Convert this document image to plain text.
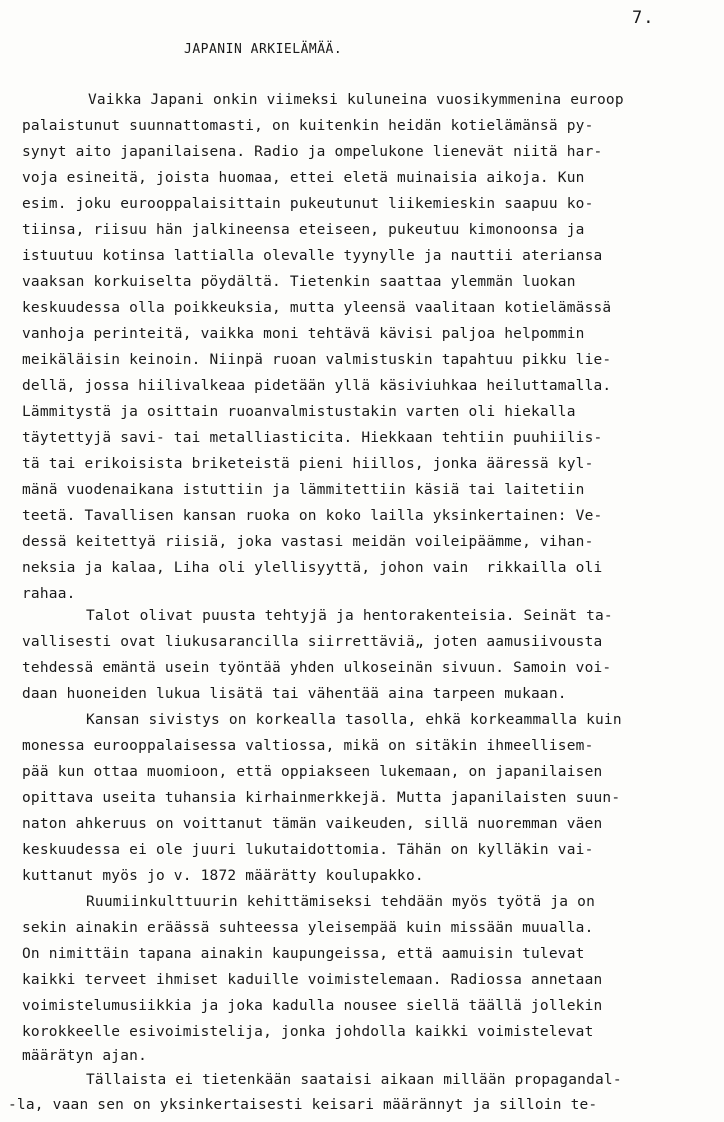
7.
JAPANIN ARKIELÄMÄÄ.
Vaikka Japani onkin viimeksi kuluneina vuosikymmenina euroop
palaistunut suunnattomasti, on kuitenkin heidän kotielämänsä py-
synyt aito japanilaisena. Radio ja ompelukone lienevät niitä har-
voja esineitä, joista huomaa, ettei eletä muinaisia aikoja. Kun
esim. joku eurooppalaisittain pukeutunut liikemieskin saapuu ko-
tiinsa, riisuu hän jalkineensa eteiseen, pukeutuu kimonoonsa ja
istuutuu kotinsa lattialla olevalle tyynylle ja nauttii ateriansa
vaaksan korkuiselta pöydältä. Tietenkin saattaa ylemmän luokan
keskuudessa olla poikkeuksia, mutta yleensä vaalitaan kotielämässä
vanhoja perinteitä, vaikka moni tehtävä kävisi paljoa helpommin
meikäläisin keinoin. Niinpä ruoan valmistuskin tapahtuu pikku lie-
dellä, jossa hiilivalkeaa pidetään yllä käsiviuhkaa heiluttamalla.
Lämmitystä ja osittain ruoanvalmistustakin varten oli hiekalla
täytettyjä savi- tai metalliasticita. Hiekkaan tehtiin puuhiilis-
tä tai erikoisista briketeistä pieni hiillos, jonka ääressä kyl-
mänä vuodenaikana istuttiin ja lämmitettiin käsiä tai laitetiin
teetä. Tavallisen kansan ruoka on koko lailla yksinkertainen: Ve-
dessä keitettyä riisiä, joka vastasi meidän voileipäämme, vihan-
neksia ja kalaa, Liha oli ylellisyyttä, johon vain  rikkailla oli
rahaa.
Talot olivat puusta tehtyjä ja hentorakenteisia. Seinät ta-
vallisesti ovat liukusarancilla siirrettäviä„ joten aamusiivousta
tehdessä emäntä usein työntää yhden ulkoseinän sivuun. Samoin voi-
daan huoneiden lukua lisätä tai vähentää aina tarpeen mukaan.
Kansan sivistys on korkealla tasolla, ehkä korkeammalla kuin
monessa eurooppalaisessa valtiossa, mikä on sitäkin ihmeellisem-
pää kun ottaa muomioon, että oppiakseen lukemaan, on japanilaisen
opittava useita tuhansia kirhainmerkkejä. Mutta japanilaisten suun-
naton ahkeruus on voittanut tämän vaikeuden, sillä nuoremman väen
keskuudessa ei ole juuri lukutaidottomia. Tähän on kylläkin vai-
kuttanut myös jo v. 1872 määrätty koulupakko.
Ruumiinkulttuurin kehittämiseksi tehdään myös työtä ja on
sekin ainakin eräässä suhteessa yleisempää kuin missään muualla.
On nimittäin tapana ainakin kaupungeissa, että aamuisin tulevat
kaikki terveet ihmiset kaduille voimistelemaan. Radiossa annetaan
voimistelumusiikkia ja joka kadulla nousee siellä täällä jollekin
korokkeelle esivoimistelija, jonka johdolla kaikki voimistelevat
määrätyn ajan.
Tällaista ei tietenkään saataisi aikaan millään propagandal-
-la, vaan sen on yksinkertaisesti keisari määrännyt ja silloin te-
